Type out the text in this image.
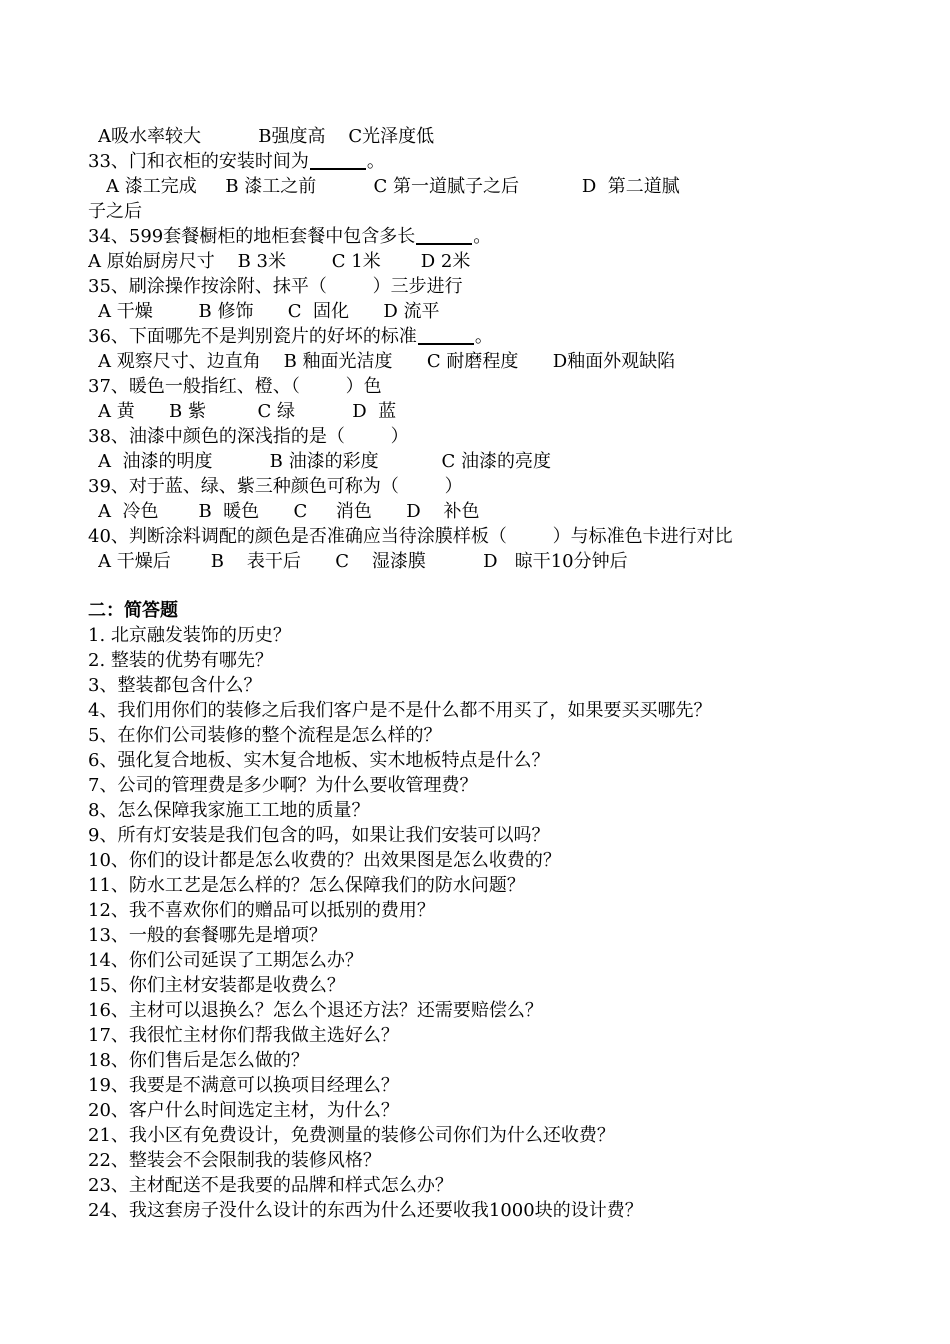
A吸水率较大          B强度高    C光泽度低
33、门和衣柜的安装时间为	。
A 漆工完成     B 漆工之前          C 第一道腻子之后           D  第二道腻
子之后
34、599套餐橱柜的地柜套餐中包含多长	。
A 原始厨房尺寸    B 3米        C 1米       D 2米
35、刷涂操作按涂附、抹平（        ）三步进行
A 干燥        B 修饰      C  固化      D 流平
36、下面哪先不是判别瓷片的好坏的标准	。
A 观察尺寸、边直角    B 釉面光洁度      C 耐磨程度      D釉面外观缺陷
37、暖色一般指红、橙、（        ）色
A 黄      B 紫         C 绿          D  蓝
38、油漆中颜色的深浅指的是（        ）
A  油漆的明度          B 油漆的彩度           C 油漆的亮度
39、对于蓝、绿、紫三种颜色可称为（        ）
A  冷色       B  暖色      C     消色      D    补色
40、判断涂料调配的颜色是否准确应当待涂膜样板（        ）与标准色卡进行对比
A 干燥后       B    表干后      C    湿漆膜          D   晾干10分钟后
二：简答题
1. 北京融发装饰的历史？
2. 整装的优势有哪先？
3、整装都包含什么？
4、我们用你们的装修之后我们客户是不是什么都不用买了，如果要买买哪先？
5、在你们公司装修的整个流程是怎么样的？
6、强化复合地板、实木复合地板、实木地板特点是什么？
7、公司的管理费是多少啊？为什么要收管理费？
8、怎么保障我家施工工地的质量？
9、所有灯安装是我们包含的吗，如果让我们安装可以吗？
10、你们的设计都是怎么收费的？出效果图是怎么收费的？
11、防水工艺是怎么样的？怎么保障我们的防水问题？
12、我不喜欢你们的赠品可以抵别的费用？
13、一般的套餐哪先是增项？
14、你们公司延误了工期怎么办？
15、你们主材安装都是收费么？
16、主材可以退换么？怎么个退还方法？还需要赔偿么？
17、我很忙主材你们帮我做主选好么？
18、你们售后是怎么做的？
19、我要是不满意可以换项目经理么？
20、客户什么时间选定主材，为什么？
21、我小区有免费设计，免费测量的装修公司你们为什么还收费？
22、整装会不会限制我的装修风格？
23、主材配送不是我要的品牌和样式怎么办？
24、我这套房子没什么设计的东西为什么还要收我1000块的设计费？
